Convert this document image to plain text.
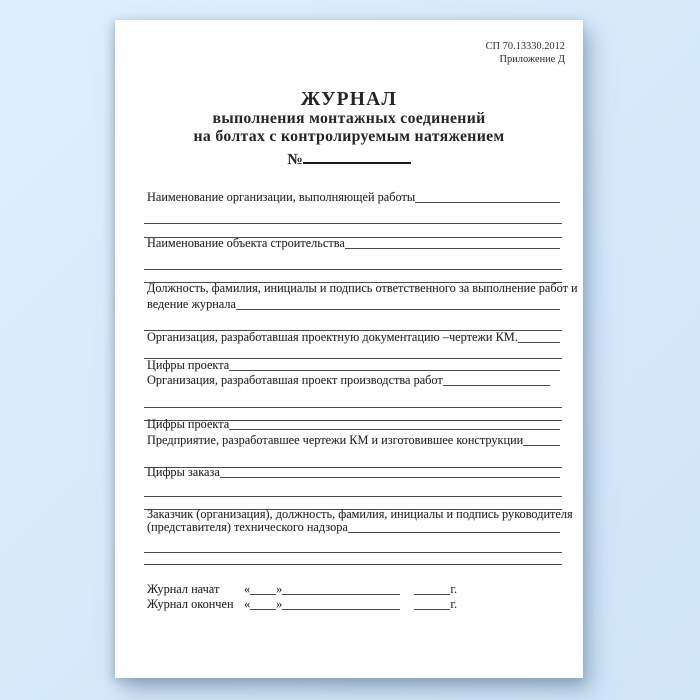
СП 70.13330.2012
Приложение Д
ЖУРНАЛ
выполнения монтажных соединений
на болтах с контролируемым натяжением
№
Наименование организации, выполняющей работы
Наименование объекта строительства
Должность, фамилия, инициалы и подпись ответственного за выполнение работ и
ведение журнала
Организация, разработавшая проектную документацию –чертежи КМ.
Цифры проекта
Организация, разработавшая проект производства работ
Цифры проекта
Предприятие, разработавшее чертежи КМ и изготовившее конструкции
Цифры заказа
Заказчик (организация), должность, фамилия, инициалы и подпись руководителя
(представителя) технического надзора
Журнал начат	« »	г.
Журнал окончен « »	г.
